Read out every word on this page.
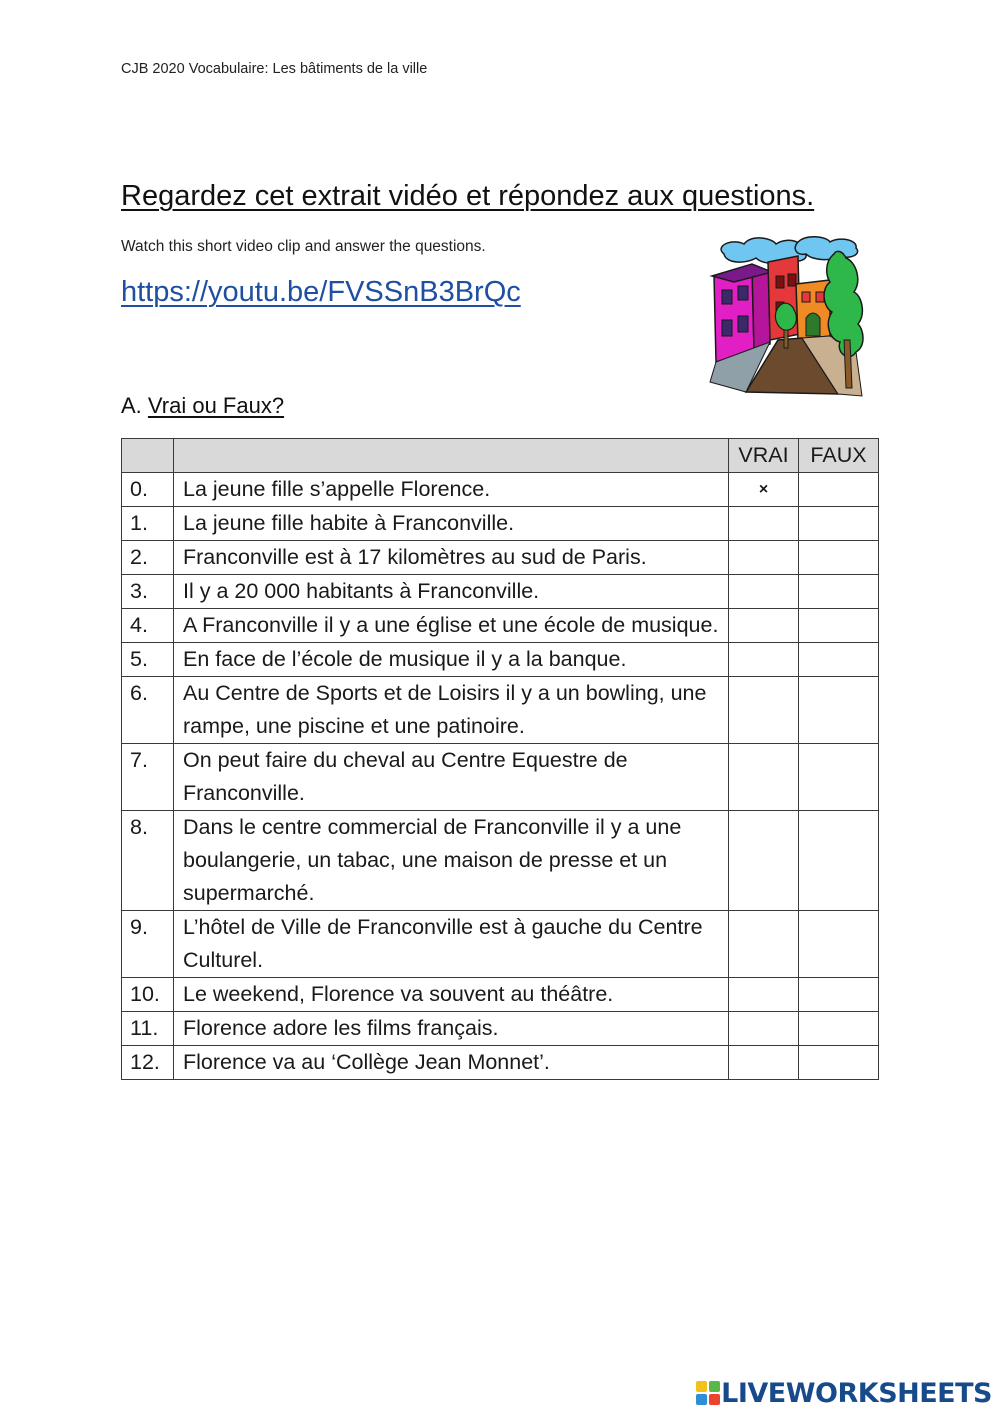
CJB 2020 Vocabulaire: Les bâtiments de la ville
Regardez cet extrait vidéo et répondez aux questions.
Watch this short video clip and answer the questions.
https://youtu.be/FVSSnB3BrQc
A. Vrai ou Faux?
		VRAI	FAUX
0.	La jeune fille s’appelle Florence.	×	
1.	La jeune fille habite à Franconville.		
2.	Franconville est à 17 kilomètres au sud de Paris.		
3.	Il y a 20 000 habitants à Franconville.		
4.	A Franconville il y a une église et une école de musique.		
5.	En face de l’école de musique il y a la banque.		
6.	Au Centre de Sports et de Loisirs il y a un bowling, une rampe, une piscine et une patinoire.		
7.	On peut faire du cheval au Centre Equestre de Franconville.		
8.	Dans le centre commercial de Franconville il y a une boulangerie, un tabac, une maison de presse et un supermarché.		
9.	L’hôtel de Ville de Franconville est à gauche du Centre Culturel.		
10.	Le weekend, Florence va souvent au théâtre.		
11.	Florence adore les films français.		
12.	Florence va au ‘Collège Jean Monnet’.		
LIVEWORKSHEETS
